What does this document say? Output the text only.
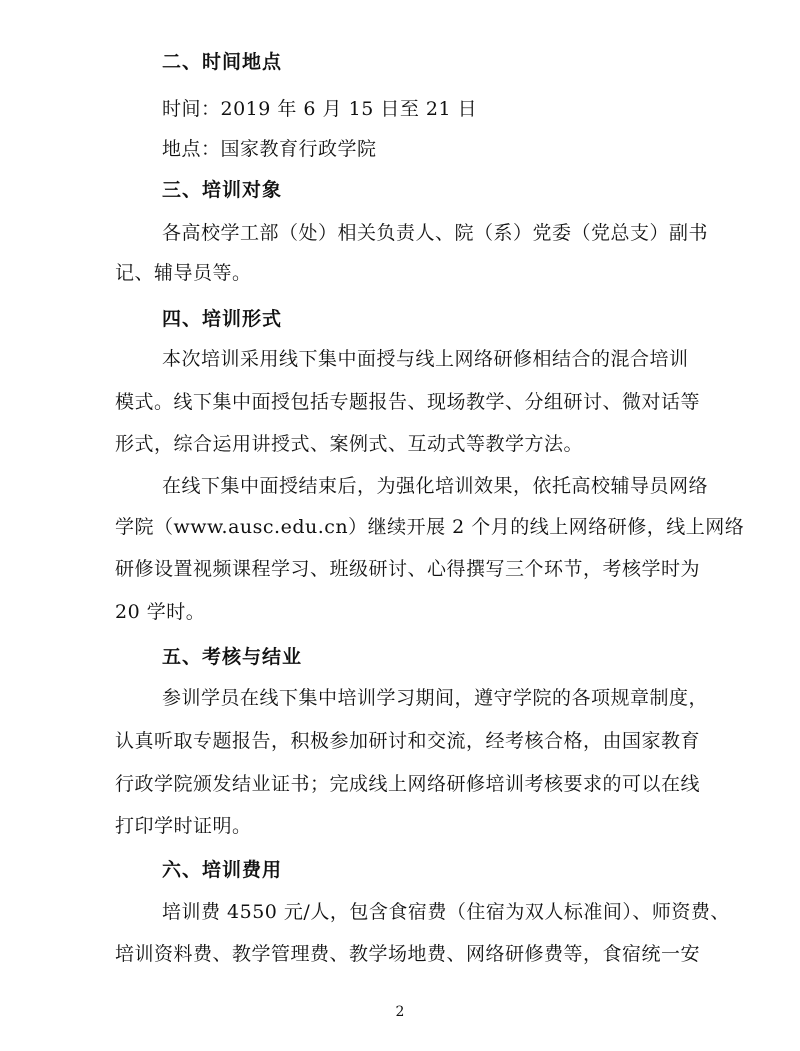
二、时间地点
时间：2019 年 6 月 15 日至 21 日
地点：国家教育行政学院
三、培训对象
各高校学工部（处）相关负责人、院（系）党委（党总支）副书
记、辅导员等。
四、培训形式
本次培训采用线下集中面授与线上网络研修相结合的混合培训
模式。线下集中面授包括专题报告、现场教学、分组研讨、微对话等
形式，综合运用讲授式、案例式、互动式等教学方法。
在线下集中面授结束后，为强化培训效果，依托高校辅导员网络
学院（www.ausc.edu.cn）继续开展 2 个月的线上网络研修，线上网络
研修设置视频课程学习、班级研讨、心得撰写三个环节，考核学时为
20 学时。
五、考核与结业
参训学员在线下集中培训学习期间，遵守学院的各项规章制度，
认真听取专题报告，积极参加研讨和交流，经考核合格，由国家教育
行政学院颁发结业证书；完成线上网络研修培训考核要求的可以在线
打印学时证明。
六、培训费用
培训费 4550 元/人，包含食宿费（住宿为双人标准间）、师资费、
培训资料费、教学管理费、教学场地费、网络研修费等，食宿统一安
2
